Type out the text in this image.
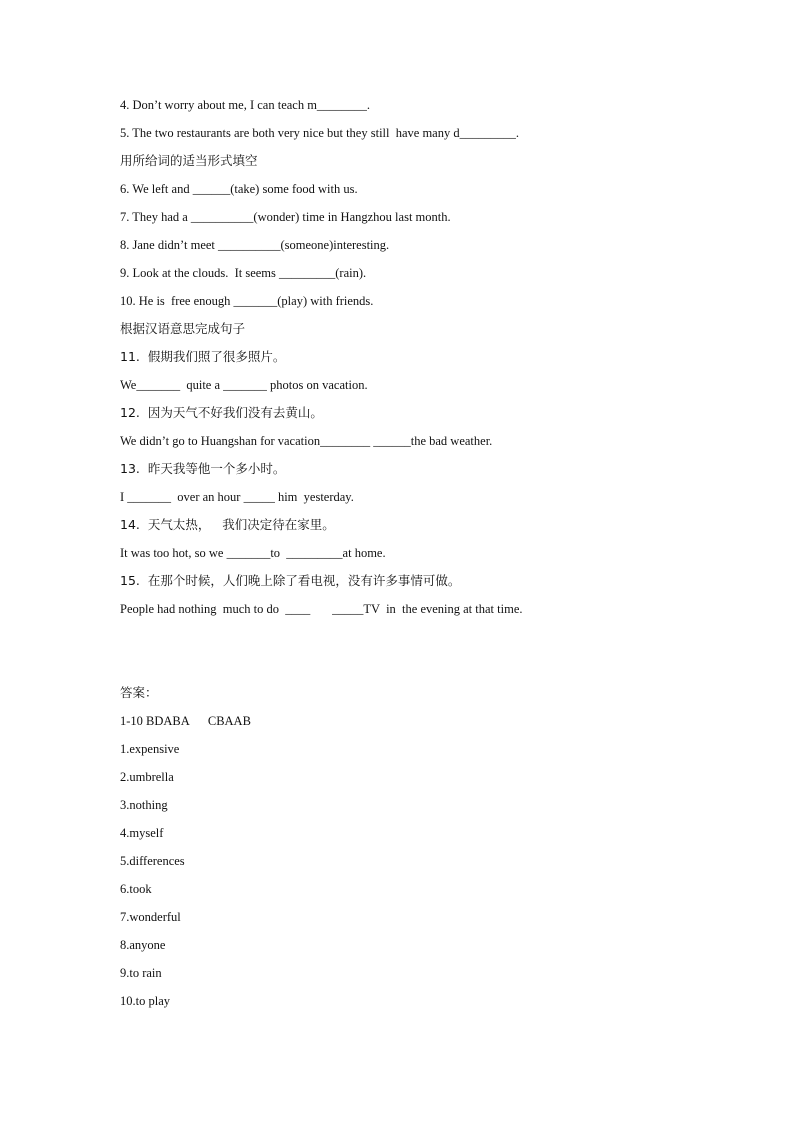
4. Don’t worry about me, I can teach m________.
5. The two restaurants are both very nice but they still  have many d_________.
用所给词的适当形式填空
6. We left and ______(take) some food with us.
7. They had a __________(wonder) time in Hangzhou last month.
8. Jane didn’t meet __________(someone)interesting.
9. Look at the clouds.  It seems _________(rain).
10. He is  free enough _______(play) with friends.
根据汉语意思完成句子
11.  假期我们照了很多照片。
We_______  quite a _______ photos on vacation.
12.  因为天气不好我们没有去黄山。
We didn’t go to Huangshan for vacation________ ______the bad weather.
13.  昨天我等他一个多小时。
I _______  over an hour _____ him  yesterday.
14.  天气太热，   我们决定待在家里。
It was too hot, so we _______to  _________at home.
15.  在那个时候，人们晚上除了看电视，没有许多事情可做。
People had nothing  much to do  ____       _____TV  in  the evening at that time.
答案：
1-10 BDABA      CBAAB
1.expensive
2.umbrella
3.nothing
4.myself
5.differences
6.took
7.wonderful
8.anyone
9.to rain
10.to play
